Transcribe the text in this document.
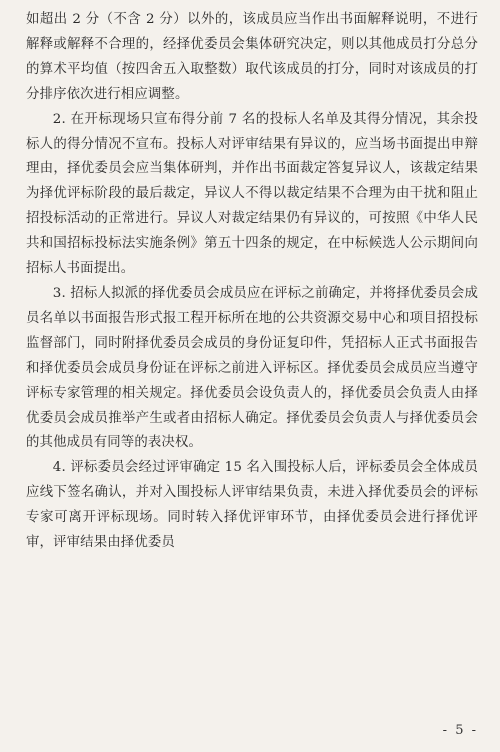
如超出 2 分（不含 2 分）以外的，该成员应当作出书面解释说明，不进行解释或解释不合理的，经择优委员会集体研究决定，则以其他成员打分总分的算术平均值（按四舍五入取整数）取代该成员的打分，同时对该成员的打分排序依次进行相应调整。

2. 在开标现场只宣布得分前 7 名的投标人名单及其得分情况，其余投标人的得分情况不宣布。投标人对评审结果有异议的，应当场书面提出申辩理由，择优委员会应当集体研判，并作出书面裁定答复异议人，该裁定结果为择优评标阶段的最后裁定，异议人不得以裁定结果不合理为由干扰和阻止招投标活动的正常进行。异议人对裁定结果仍有异议的，可按照《中华人民共和国招标投标法实施条例》第五十四条的规定，在中标候选人公示期间向招标人书面提出。

3. 招标人拟派的择优委员会成员应在评标之前确定，并将择优委员会成员名单以书面报告形式报工程开标所在地的公共资源交易中心和项目招投标监督部门，同时附择优委员会成员的身份证复印件，凭招标人正式书面报告和择优委员会成员身份证在评标之前进入评标区。择优委员会成员应当遵守评标专家管理的相关规定。择优委员会设负责人的，择优委员会负责人由择优委员会成员推举产生或者由招标人确定。择优委员会负责人与择优委员会的其他成员有同等的表决权。

4. 评标委员会经过评审确定 15 名入围投标人后，评标委员会全体成员应线下签名确认，并对入围投标人评审结果负责，未进入择优委员会的评标专家可离开评标现场。同时转入择优评审环节，由择优委员会进行择优评审，评审结果由择优委员

- 5 -
